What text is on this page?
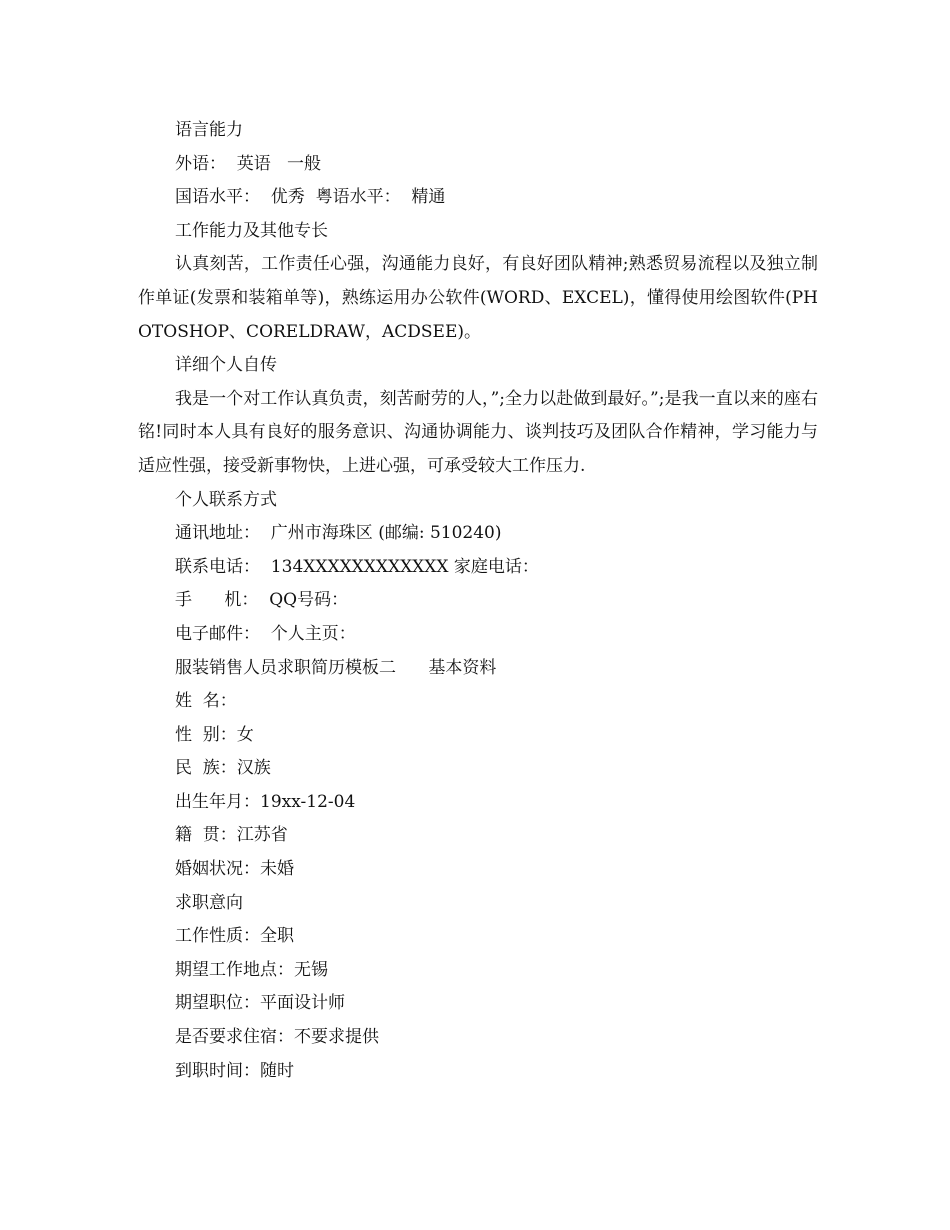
语言能力
外语：  英语   一般
国语水平：  优秀  粤语水平：  精通
工作能力及其他专长

认真刻苦，工作责任心强，沟通能力良好，有良好团队精神;熟悉贸易流程以及独立制作单证(发票和装箱单等)，熟练运用办公软件(WORD、EXCEL)，懂得使用绘图软件(PHOTOSHOP、CORELDRAW，ACDSEE)。

详细个人自传

我是一个对工作认真负责，刻苦耐劳的人，”;全力以赴做到最好。”;是我一直以来的座右铭!同时本人具有良好的服务意识、沟通协调能力、谈判技巧及团队合作精神，学习能力与适应性强，接受新事物快，上进心强，可承受较大工作压力.

个人联系方式
通讯地址：  广州市海珠区 (邮编: 510240)
联系电话：  134XXXXXXXXXXXX 家庭电话：
手      机：  QQ号码：
电子邮件：  个人主页：
服装销售人员求职简历模板二      基本资料
姓  名：
性  别：女
民  族：汉族
出生年月：19xx-12-04
籍  贯：江苏省
婚姻状况：未婚
求职意向
工作性质：全职
期望工作地点：无锡
期望职位：平面设计师
是否要求住宿：不要求提供
到职时间：随时
